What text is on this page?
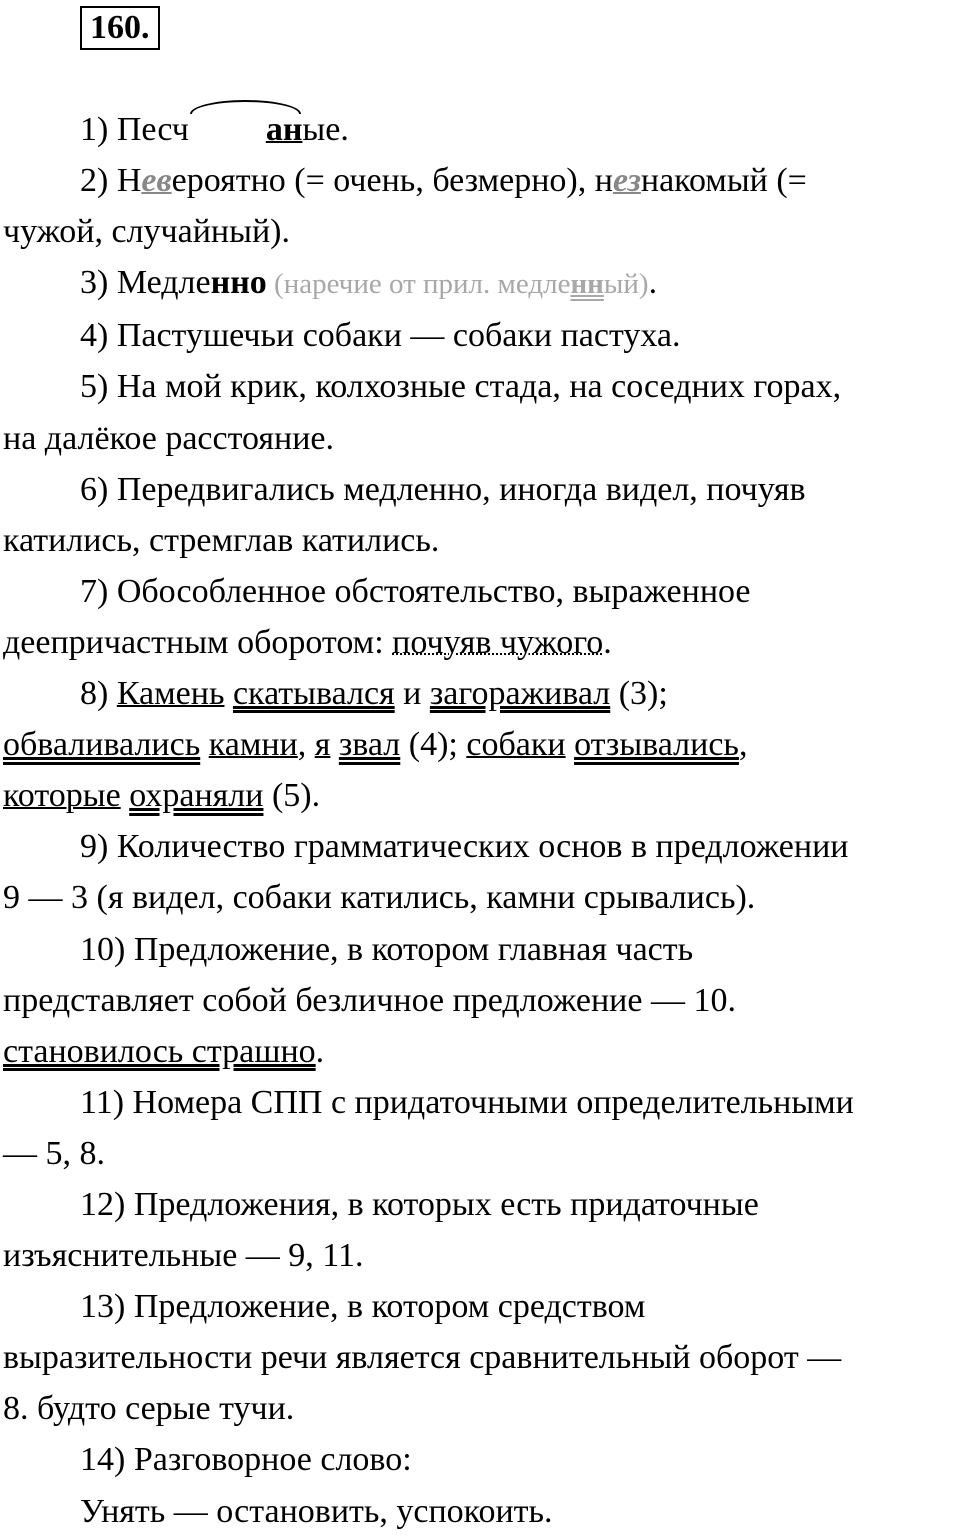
160.

1) Песч аные.

2) Невероятно (= очень, безмерно), незнакомый (=

чужой, случайный).

3) Медленно (наречие от прил. медленный).

4) Пастушечьи собаки — собаки пастуха.

5) На мой крик, колхозные стада, на соседних горах,

на далёкое расстояние.

6) Передвигались медленно, иногда видел, почуяв

катились, стремглав катились.

7) Обособленное обстоятельство, выраженное

деепричастным оборотом: почуяв чужого.

8) Камень скатывался и загораживал (3);

обваливались камни, я звал (4); собаки отзывались,

которые охраняли (5).

9) Количество грамматических основ в предложении

9 — 3 (я видел, собаки катились, камни срывались).

10) Предложение, в котором главная часть

представляет собой безличное предложение — 10.

становилось страшно.

11) Номера СПП с придаточными определительными

— 5, 8.

12) Предложения, в которых есть придаточные

изъяснительные — 9, 11.

13) Предложение, в котором средством

выразительности речи является сравнительный оборот —

8. будто серые тучи.

14) Разговорное слово:

Унять — остановить, успокоить.
